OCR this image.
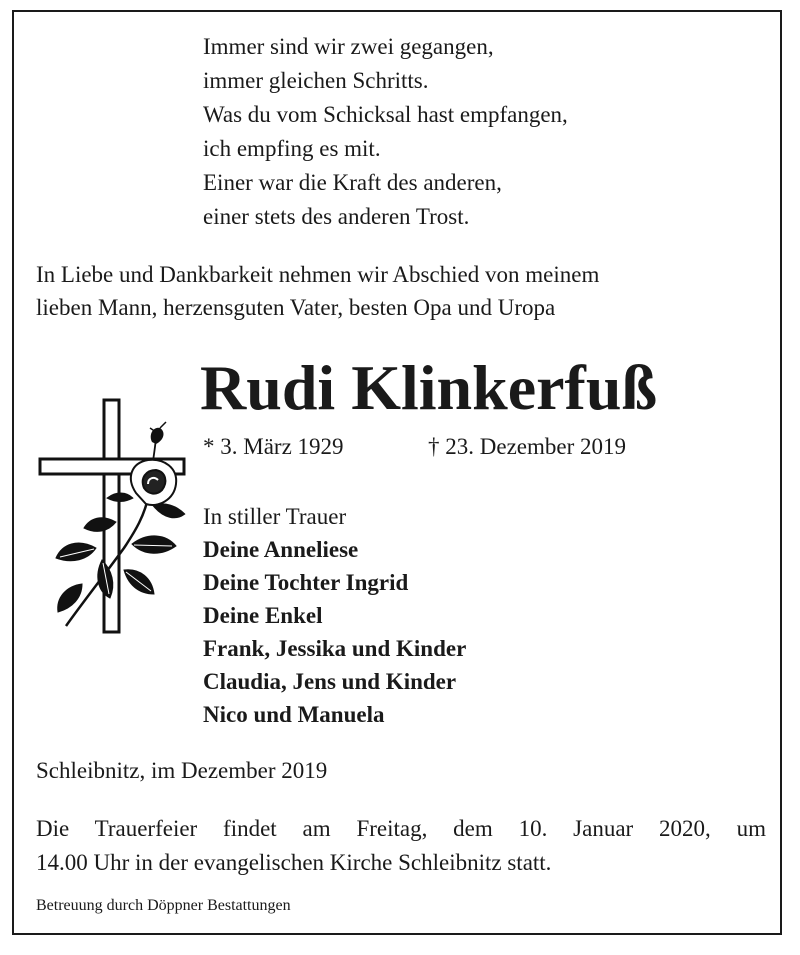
Immer sind wir zwei gegangen,
immer gleichen Schritts.
Was du vom Schicksal hast empfangen,
ich empfing es mit.
Einer war die Kraft des anderen,
einer stets des anderen Trost.
In Liebe und Dankbarkeit nehmen wir Abschied von meinem
lieben Mann, herzensguten Vater, besten Opa und Uropa
Rudi Klinkerfuß
* 3. März 1929	† 23. Dezember 2019
In stiller Trauer
Deine Anneliese
Deine Tochter Ingrid
Deine Enkel
Frank, Jessika und Kinder
Claudia, Jens und Kinder
Nico und Manuela
Schleibnitz, im Dezember 2019
Die Trauerfeier findet am Freitag, dem 10. Januar 2020, um
14.00 Uhr in der evangelischen Kirche Schleibnitz statt.
Betreuung durch Döppner Bestattungen
